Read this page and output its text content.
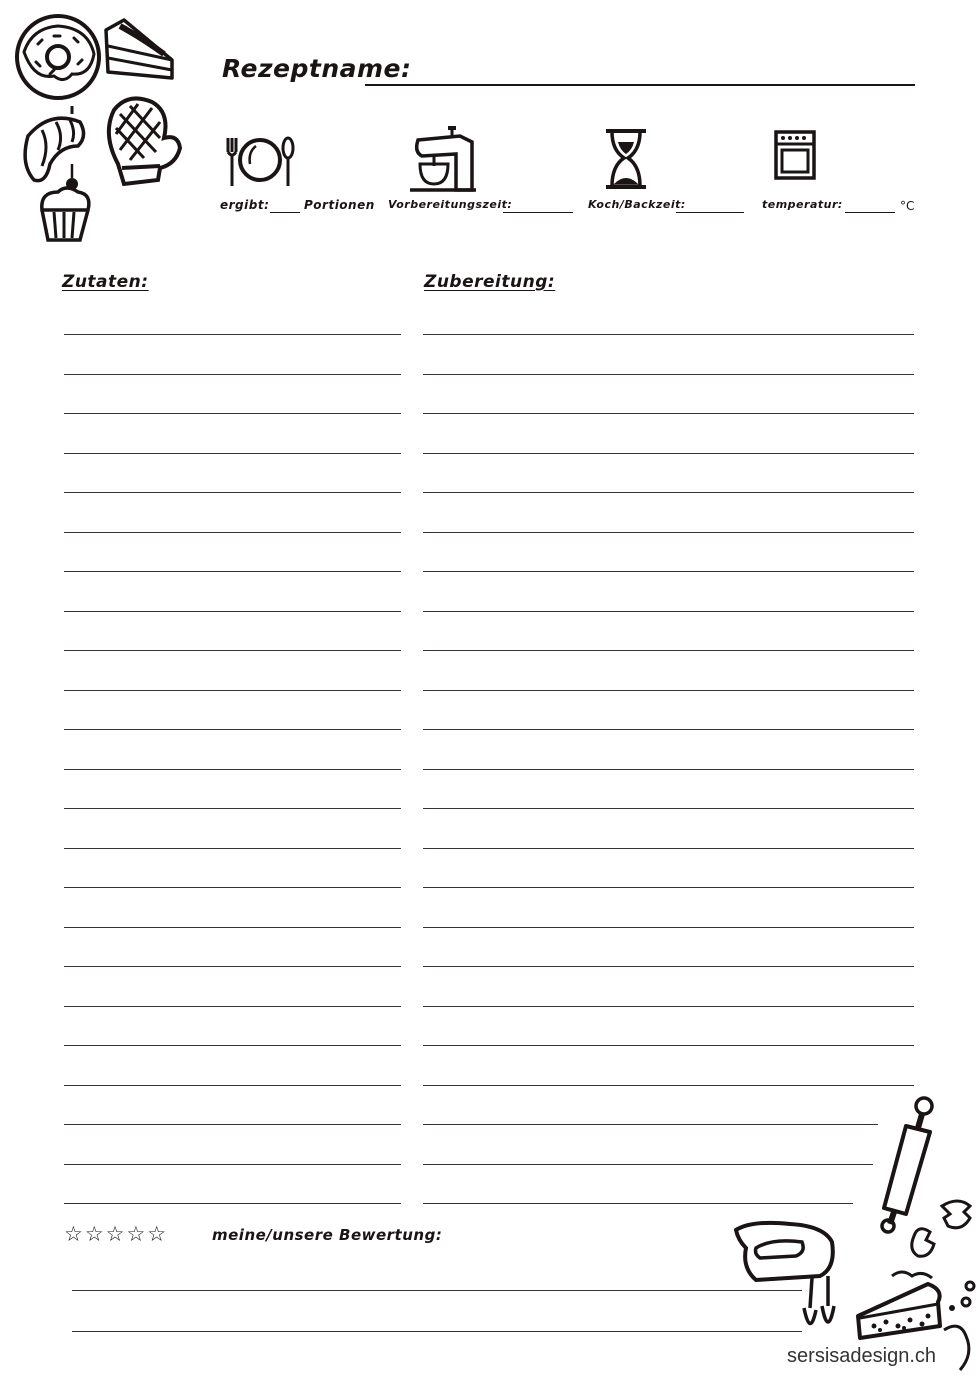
Rezeptname:
ergibt:	Portionen Vorbereitungszeit:	Koch/Backzeit:	temperatur:	°C
Zutaten:	Zubereitung:
☆☆☆☆☆	meine/unsere Bewertung:
sersisadesign.ch
